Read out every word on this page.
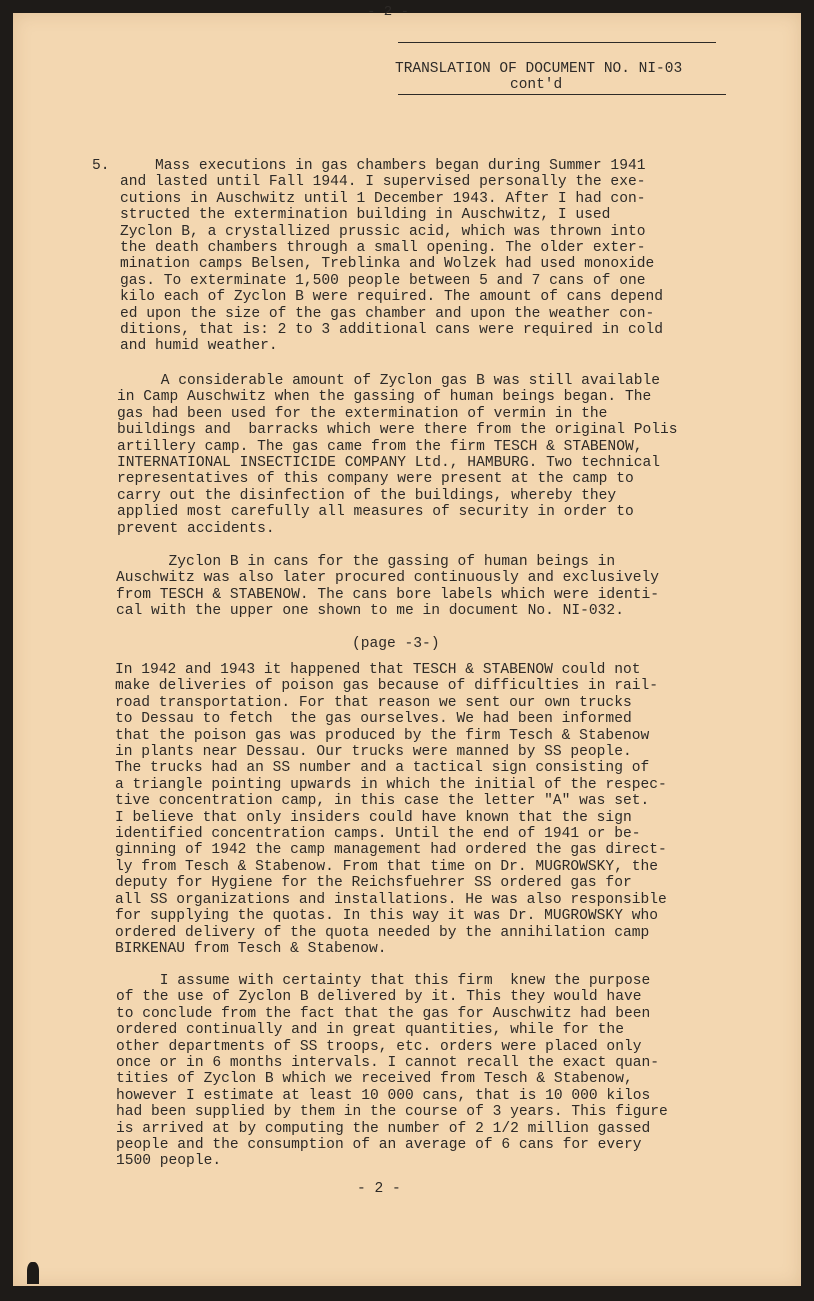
- 2 -
TRANSLATION OF DOCUMENT NO. NI-03
cont'd
5. Mass executions in gas chambers began during Summer 1941
and lasted until Fall 1944. I supervised personally the exe-
cutions in Auschwitz until 1 December 1943. After I had con-
structed the extermination building in Auschwitz, I used
Zyclon B, a crystallized prussic acid, which was thrown into
the death chambers through a small opening. The older exter-
mination camps Belsen, Treblinka and Wolzek had used monoxide
gas. To exterminate 1,500 people between 5 and 7 cans of one
kilo each of Zyclon B were required. The amount of cans depend
ed upon the size of the gas chamber and upon the weather con-
ditions, that is: 2 to 3 additional cans were required in cold
and humid weather.
A considerable amount of Zyclon gas B was still available
in Camp Auschwitz when the gassing of human beings began. The
gas had been used for the extermination of vermin in the
buildings and  barracks which were there from the original Polis
artillery camp. The gas came from the firm TESCH & STABENOW,
INTERNATIONAL INSECTICIDE COMPANY Ltd., HAMBURG. Two technical
representatives of this company were present at the camp to
carry out the disinfection of the buildings, whereby they
applied most carefully all measures of security in order to
prevent accidents.
Zyclon B in cans for the gassing of human beings in
Auschwitz was also later procured continuously and exclusively
from TESCH & STABENOW. The cans bore labels which were identi-
cal with the upper one shown to me in document No. NI-032.
(page -3-)
In 1942 and 1943 it happened that TESCH & STABENOW could not
make deliveries of poison gas because of difficulties in rail-
road transportation. For that reason we sent our own trucks
to Dessau to fetch  the gas ourselves. We had been informed
that the poison gas was produced by the firm Tesch & Stabenow
in plants near Dessau. Our trucks were manned by SS people.
The trucks had an SS number and a tactical sign consisting of
a triangle pointing upwards in which the initial of the respec-
tive concentration camp, in this case the letter "A" was set.
I believe that only insiders could have known that the sign
identified concentration camps. Until the end of 1941 or be-
ginning of 1942 the camp management had ordered the gas direct-
ly from Tesch & Stabenow. From that time on Dr. MUGROWSKY, the
deputy for Hygiene for the Reichsfuehrer SS ordered gas for
all SS organizations and installations. He was also responsible
for supplying the quotas. In this way it was Dr. MUGROWSKY who
ordered delivery of the quota needed by the annihilation camp
BIRKENAU from Tesch & Stabenow.
I assume with certainty that this firm  knew the purpose
of the use of Zyclon B delivered by it. This they would have
to conclude from the fact that the gas for Auschwitz had been
ordered continually and in great quantities, while for the
other departments of SS troops, etc. orders were placed only
once or in 6 months intervals. I cannot recall the exact quan-
tities of Zyclon B which we received from Tesch & Stabenow,
however I estimate at least 10 000 cans, that is 10 000 kilos
had been supplied by them in the course of 3 years. This figure
is arrived at by computing the number of 2 1/2 million gassed
people and the consumption of an average of 6 cans for every
1500 people.
- 2 -
